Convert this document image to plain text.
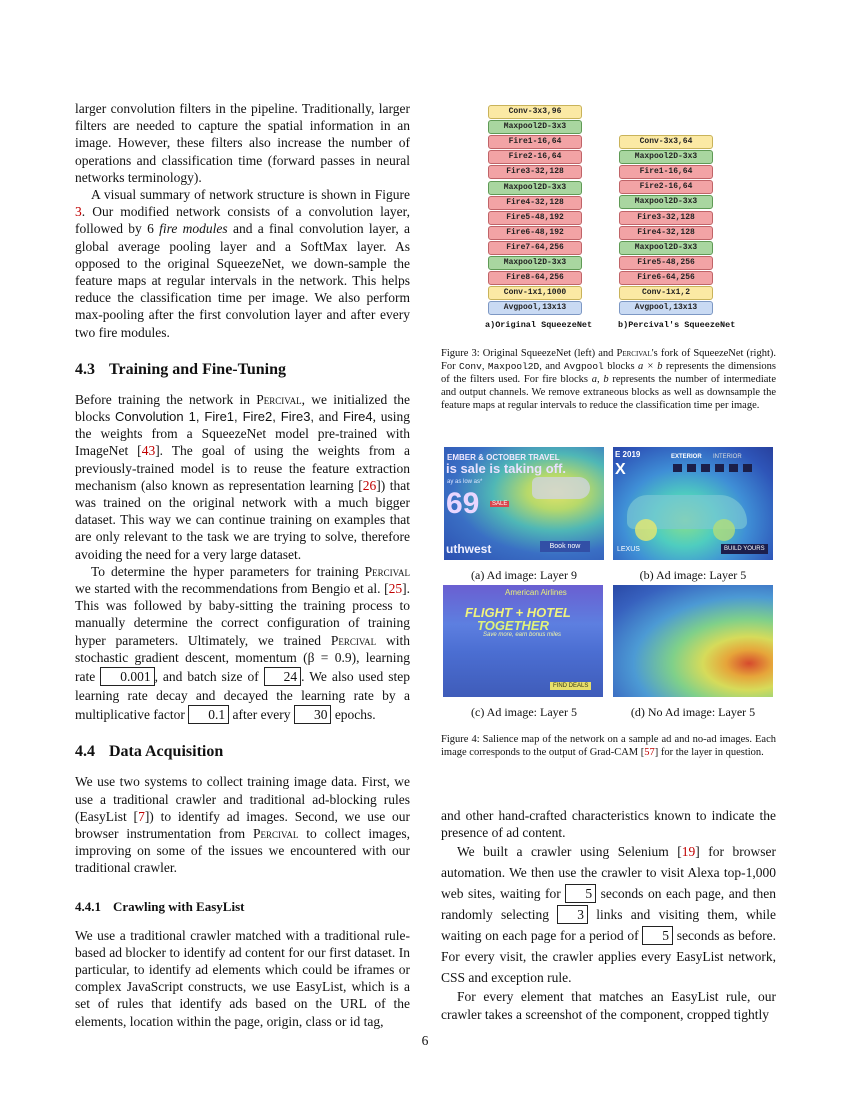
larger convolution filters in the pipeline. Traditionally, larger filters are needed to capture the spatial information in an image. However, these filters also increase the number of operations and classification time (forward passes in neural networks terminology).

A visual summary of network structure is shown in Figure 3. Our modified network consists of a convolution layer, followed by 6 fire modules and a final convolution layer, a global average pooling layer and a SoftMax layer. As opposed to the original SqueezeNet, we down-sample the feature maps at regular intervals in the network. This helps reduce the classification time per image. We also perform max-pooling after the first convolution layer and after every two fire modules.

4.3 Training and Fine-Tuning

Before training the network in Percival, we initialized the blocks Convolution 1, Fire1, Fire2, Fire3, and Fire4, using the weights from a SqueezeNet model pre-trained with ImageNet [43]. The goal of using the weights from a previously-trained model is to reuse the feature extraction mechanism (also known as representation learning [26]) that was trained on the original network with a much bigger dataset. This way we can continue training on examples that are only relevant to the task we are trying to solve, therefore avoiding the need for a very large dataset.

To determine the hyper parameters for training Percival we started with the recommendations from Bengio et al. [25]. This was followed by baby-sitting the training process to manually determine the correct configuration of training hyper parameters. Ultimately, we trained Percival with stochastic gradient descent, momentum (β = 0.9), learning rate 0.001 , and batch size of 24 . We also used step learning rate decay and decayed the learning rate by a multiplicative factor 0.1 after every 30 epochs.

4.4 Data Acquisition

We use two systems to collect training image data. First, we use a traditional crawler and traditional ad-blocking rules (EasyList [7]) to identify ad images. Second, we use our browser instrumentation from Percival to collect images, improving on some of the issues we encountered with our traditional crawler.

4.4.1 Crawling with EasyList

We use a traditional crawler matched with a traditional rule-based ad blocker to identify ad content for our first dataset. In particular, to identify ad elements which could be iframes or complex JavaScript constructs, we use EasyList, which is a set of rules that identify ads based on the URL of the elements, location within the page, origin, class or id tag,

Conv-3x3,96
Maxpool2D-3x3
Fire1-16,64
Fire2-16,64
Fire3-32,128
Maxpool2D-3x3
Fire4-32,128
Fire5-48,192
Fire6-48,192
Fire7-64,256
Maxpool2D-3x3
Fire8-64,256
Conv-1x1,1000
Avgpool,13x13
Conv-3x3,64
Maxpool2D-3x3
Fire1-16,64
Fire2-16,64
Maxpool2D-3x3
Fire3-32,128
Fire4-32,128
Maxpool2D-3x3
Fire5-48,256
Fire6-64,256
Conv-1x1,2
Avgpool,13x13
a)Original SqueezeNet	b)Percival's SqueezeNet
Figure 3: Original SqueezeNet (left) and Percival's fork of SqueezeNet (right). For Conv, Maxpool2D, and Avgpool blocks a × b represents the dimensions of the filters used. For fire blocks a, b represents the number of intermediate and output channels. We remove extraneous blocks as well as downsample the feature maps at regular intervals to reduce the classification time per image.
EMBER & OCTOBER TRAVEL
is sale is taking off.
ay as low as*
69	SALE
uthwest	Book now
E 2019
X
EXTERIOR INTERIOR
LEXUS	BUILD YOURS
American Airlines
FLIGHT + HOTEL
TOGETHER
Save more, earn bonus miles
FIND DEALS
(a) Ad image: Layer 9	(b) Ad image: Layer 5
(c) Ad image: Layer 5	(d) No Ad image: Layer 5
Figure 4: Salience map of the network on a sample ad and no-ad images. Each image corresponds to the output of Grad-CAM [57] for the layer in question.

and other hand-crafted characteristics known to indicate the presence of ad content.

We built a crawler using Selenium [19] for browser automation. We then use the crawler to visit Alexa top-1,000 web sites, waiting for 5 seconds on each page, and then randomly selecting 3 links and visiting them, while waiting on each page for a period of 5 seconds as before. For every visit, the crawler applies every EasyList network, CSS and exception rule.

For every element that matches an EasyList rule, our crawler takes a screenshot of the component, cropped tightly

6
